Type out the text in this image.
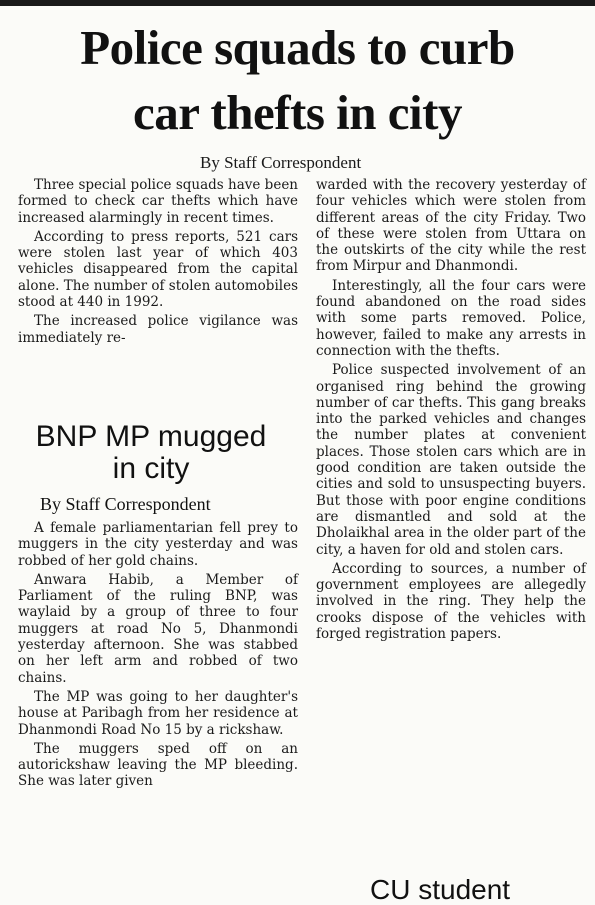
Police squads to curb
car thefts in city
By Staff Correspondent

Three special police squads have been formed to check car thefts which have increased alarmingly in recent times.

According to press reports, 521 cars were stolen last year of which 403 vehicles disappeared from the capital alone. The number of stolen automobiles stood at 440 in 1992.

The increased police vigilance was immediately re-

warded with the recovery yesterday of four vehicles which were stolen from different areas of the city Friday. Two of these were stolen from Uttara on the outskirts of the city while the rest from Mirpur and Dhanmondi.

Interestingly, all the four cars were found abandoned on the road sides with some parts removed. Police, however, failed to make any arrests in connection with the thefts.

Police suspected involvement of an organised ring behind the growing number of car thefts. This gang breaks into the parked vehicles and changes the number plates at convenient places. Those stolen cars which are in good condition are taken outside the cities and sold to unsuspecting buyers. But those with poor engine conditions are dismantled and sold at the Dholaikhal area in the older part of the city, a haven for old and stolen cars.

According to sources, a number of government employees are allegedly involved in the ring. They help the crooks dispose of the vehicles with forged registration papers.

BNP MP mugged
in city
By Staff Correspondent

A female parliamentarian fell prey to muggers in the city yesterday and was robbed of her gold chains.

Anwara Habib, a Member of Parliament of the ruling BNP, was waylaid by a group of three to four muggers at road No 5, Dhanmondi yesterday afternoon. She was stabbed on her left arm and robbed of two chains.

The MP was going to her daughter's house at Paribagh from her residence at Dhanmondi Road No 15 by a rickshaw.

The muggers sped off on an autorickshaw leaving the MP bleeding. She was later given

CU student
